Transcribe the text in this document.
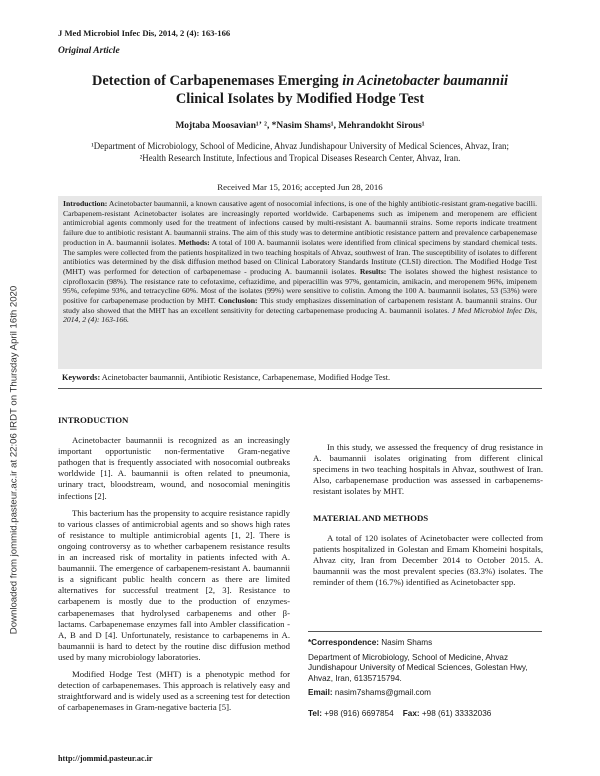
J Med Microbiol Infec Dis, 2014, 2 (4): 163-166
Original Article
Detection of Carbapenemases Emerging in Acinetobacter baumannii
Clinical Isolates by Modified Hodge Test
Mojtaba Moosavian¹ʼ ², *Nasim Shams¹, Mehrandokht Sirous¹
¹Department of Microbiology, School of Medicine, Ahvaz Jundishapour University of Medical Sciences, Ahvaz, Iran;
²Health Research Institute, Infectious and Tropical Diseases Research Center, Ahvaz, Iran.
Received Mar 15, 2016; accepted Jun 28, 2016
Introduction: Acinetobacter baumannii, a known causative agent of nosocomial infections, is one of the highly antibiotic-resistant gram-negative bacilli. Carbapenem-resistant Acinetobacter isolates are increasingly reported worldwide. Carbapenems such as imipenem and meropenem are efficient antimicrobial agents commonly used for the treatment of infections caused by multi-resistant A. baumannii strains. Some reports indicate treatment failure due to antibiotic resistant A. baumannii strains. The aim of this study was to determine antibiotic resistance pattern and prevalence carbapenemase production in A. baumannii isolates. Methods: A total of 100 A. baumannii isolates were identified from clinical specimens by standard chemical tests. The samples were collected from the patients hospitalized in two teaching hospitals of Ahvaz, southwest of Iran. The susceptibility of isolates to different antibiotics was determined by the disk diffusion method based on Clinical Laboratory Standards Institute (CLSI) direction. The Modified Hodge Test (MHT) was performed for detection of carbapenemase - producing A. baumannii isolates. Results: The isolates showed the highest resistance to ciprofloxacin (98%). The resistance rate to cefotaxime, ceftazidime, and piperacillin was 97%, gentamicin, amikacin, and meropenem 96%, imipenem 95%, cefepime 93%, and tetracycline 60%. Most of the isolates (99%) were sensitive to colistin. Among the 100 A. baumannii isolates, 53 (53%) were positive for carbapenemase production by MHT. Conclusion: This study emphasizes dissemination of carbapenem resistant A. baumannii strains. Our study also showed that the MHT has an excellent sensitivity for detecting carbapenemase producing A. baumannii isolates. J Med Microbiol Infec Dis, 2014, 2 (4): 163-166.
Keywords: Acinetobacter baumannii, Antibiotic Resistance, Carbapenemase, Modified Hodge Test.
Downloaded from jommid.pasteur.ac.ir at 22:06 IRDT on Thursday April 16th 2020	INTRODUCTION

Acinetobacter baumannii is recognized as an increasingly important opportunistic non-fermentative Gram-negative pathogen that is frequently associated with nosocomial outbreaks worldwide [1]. A. baumannii is often related to pneumonia, urinary tract, bloodstream, wound, and nosocomial meningitis infections [2].

This bacterium has the propensity to acquire resistance rapidly to various classes of antimicrobial agents and so shows high rates of resistance to multiple antimicrobial agents [1, 2]. There is ongoing controversy as to whether carbapenem resistance results in an increased risk of mortality in patients infected with A. baumannii. The emergence of carbapenem-resistant A. baumannii is a significant public health concern as there are limited alternatives for successful treatment [2, 3]. Resistance to carbapenem is mostly due to the production of enzymes- carbapenemases that hydrolysed carbapenems and other β-lactams. Carbapenemase enzymes fall into Ambler classification -A, B and D [4]. Unfortunately, resistance to carbapenems in A. baumannii is hard to detect by the routine disc diffusion method used by many microbiology laboratories.

Modified Hodge Test (MHT) is a phenotypic method for detection of carbapenemases. This approach is relatively easy and straightforward and is widely used as a screening test for detection of carbapenemases in Gram-negative bacteria [5].

In this study, we assessed the frequency of drug resistance in A. baumannii isolates originating from different clinical specimens in two teaching hospitals in Ahvaz, southwest of Iran. Also, carbapenemase production was assessed in carbapenems- resistant isolates by MHT.

MATERIAL AND METHODS

A total of 120 isolates of Acinetobacter were collected from patients hospitalized in Golestan and Emam Khomeini hospitals, Ahvaz city, Iran from December 2014 to October 2015. A. baumannii was the most prevalent species (83.3%) isolates. The reminder of them (16.7%) identified as Acinetobacter spp.

*Correspondence: Nasim Shams
Department of Microbiology, School of Medicine, Ahvaz Jundishapour University of Medical Sciences, Golestan Hwy, Ahvaz, Iran, 6135715794.
Email: nasim7shams@gmail.com
Tel: +98 (916) 6697854 Fax: +98 (61) 33332036
http://jommid.pasteur.ac.ir
